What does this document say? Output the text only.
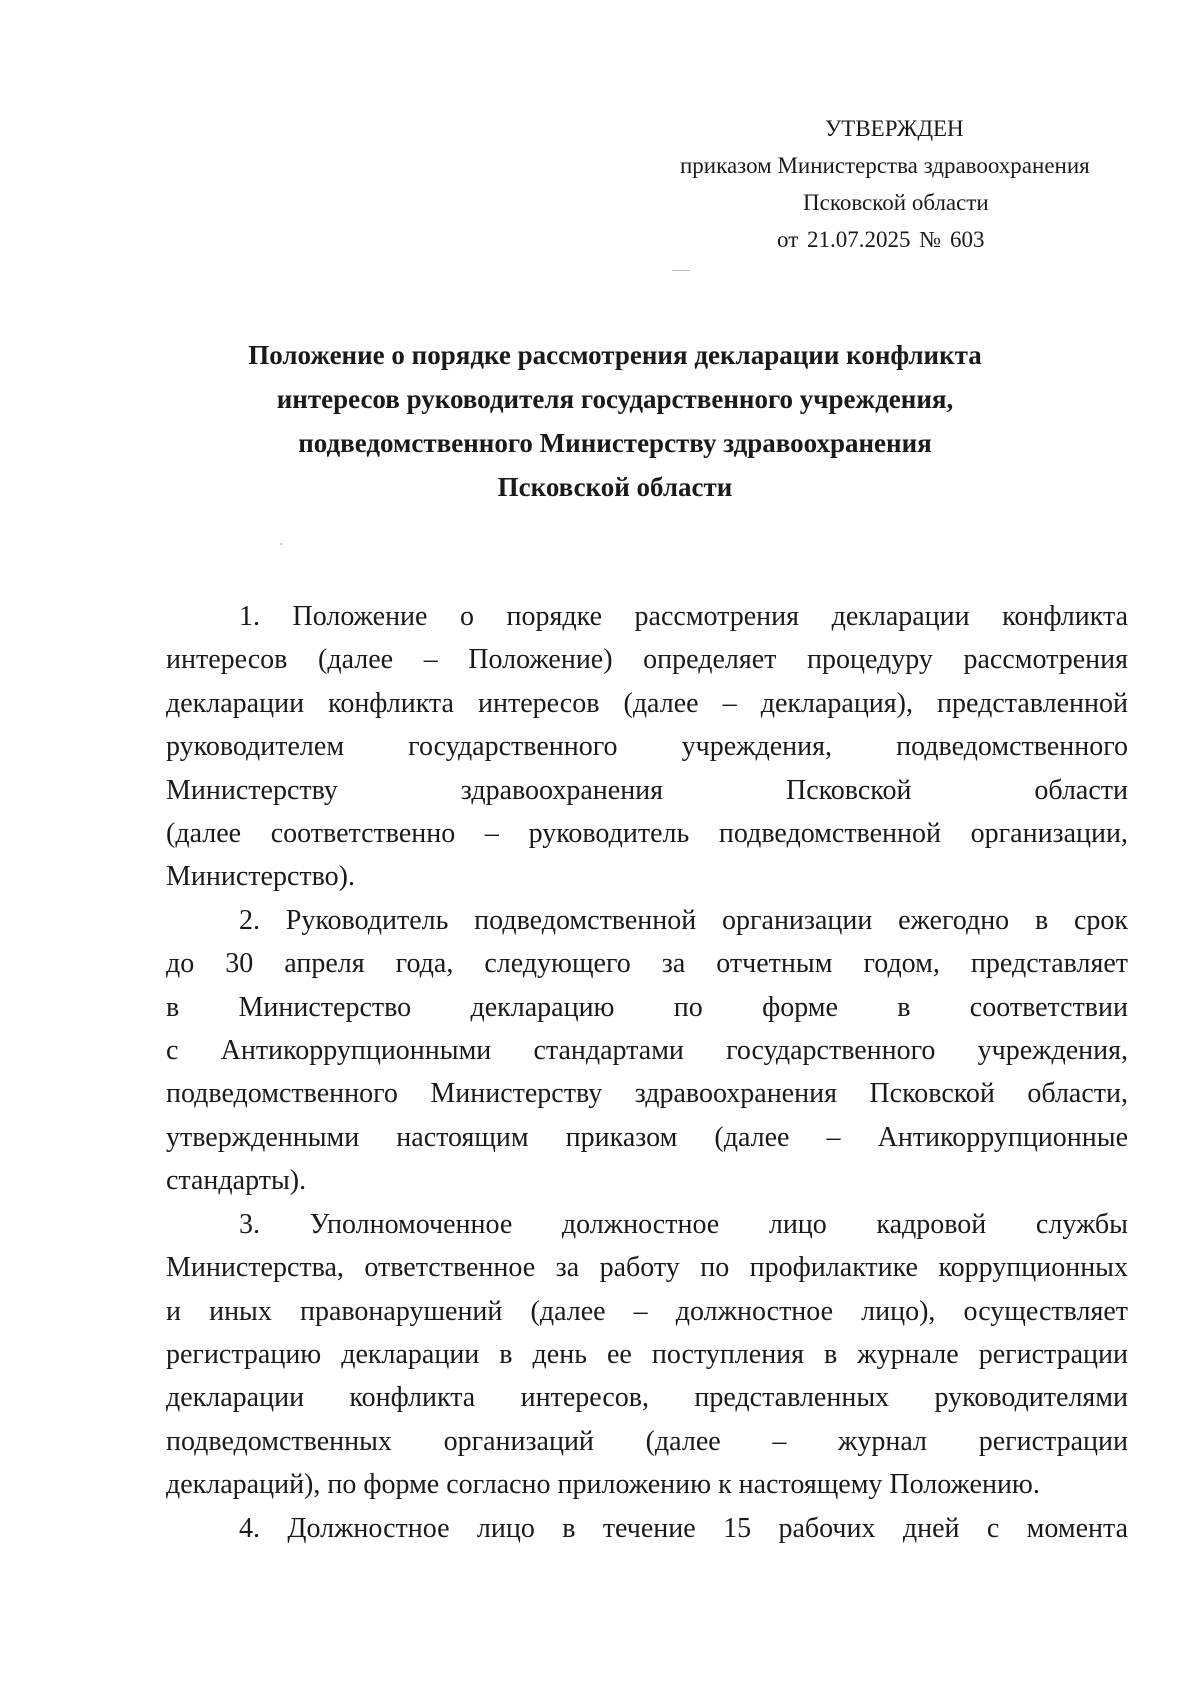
УТВЕРЖДЕН
приказом Министерства здравоохранения
Псковской области
от 21.07.2025 № 603
Положение о порядке рассмотрения декларации конфликта
интересов руководителя государственного учреждения,
подведомственного Министерству здравоохранения
Псковской области
1. Положение о порядке рассмотрения декларации конфликта
интересов (далее – Положение) определяет процедуру рассмотрения
декларации конфликта интересов (далее – декларация), представленной
руководителем государственного учреждения, подведомственного
Министерству здравоохранения Псковской области
(далее соответственно – руководитель подведомственной организации,
Министерство).
2. Руководитель подведомственной организации ежегодно в срок
до 30 апреля года, следующего за отчетным годом, представляет
в Министерство декларацию по форме в соответствии
с Антикоррупционными стандартами государственного учреждения,
подведомственного Министерству здравоохранения Псковской области,
утвержденными настоящим приказом (далее – Антикоррупционные
стандарты).
3. Уполномоченное должностное лицо кадровой службы
Министерства, ответственное за работу по профилактике коррупционных
и иных правонарушений (далее – должностное лицо), осуществляет
регистрацию декларации в день ее поступления в журнале регистрации
декларации конфликта интересов, представленных руководителями
подведомственных организаций (далее – журнал регистрации
деклараций), по форме согласно приложению к настоящему Положению.
4. Должностное лицо в течение 15 рабочих дней с момента
